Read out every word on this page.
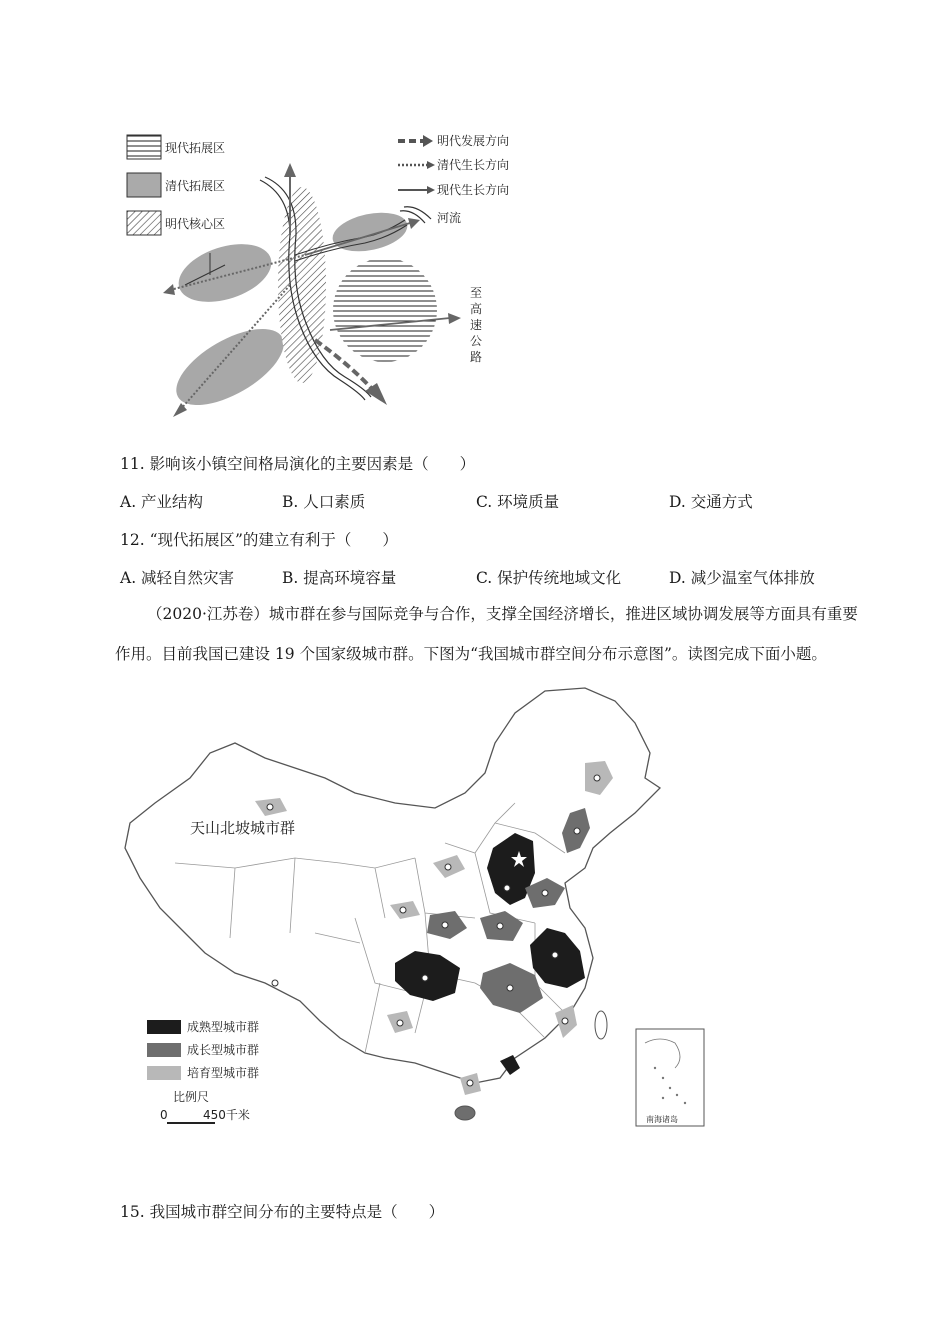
现代拓展区
清代拓展区
明代核心区
明代发展方向
清代生长方向
现代生长方向
河流
至
高
速
公
路
11. 影响该小镇空间格局演化的主要因素是（　　）
A. 产业结构	B. 人口素质	C. 环境质量	D. 交通方式
12. “现代拓展区”的建立有利于（　　）
A. 减轻自然灾害	B. 提高环境容量	C. 保护传统地域文化	D. 减少温室气体排放
（2020·江苏卷）城市群在参与国际竞争与合作，支撑全国经济增长，推进区域协调发展等方面具有重要作用。目前我国已建设 19 个国家级城市群。下图为“我国城市群空间分布示意图”。读图完成下面小题。
天山北坡城市群
成熟型城市群
成长型城市群
培育型城市群
比例尺
0	450千米	南海诸岛
15. 我国城市群空间分布的主要特点是（　　）
